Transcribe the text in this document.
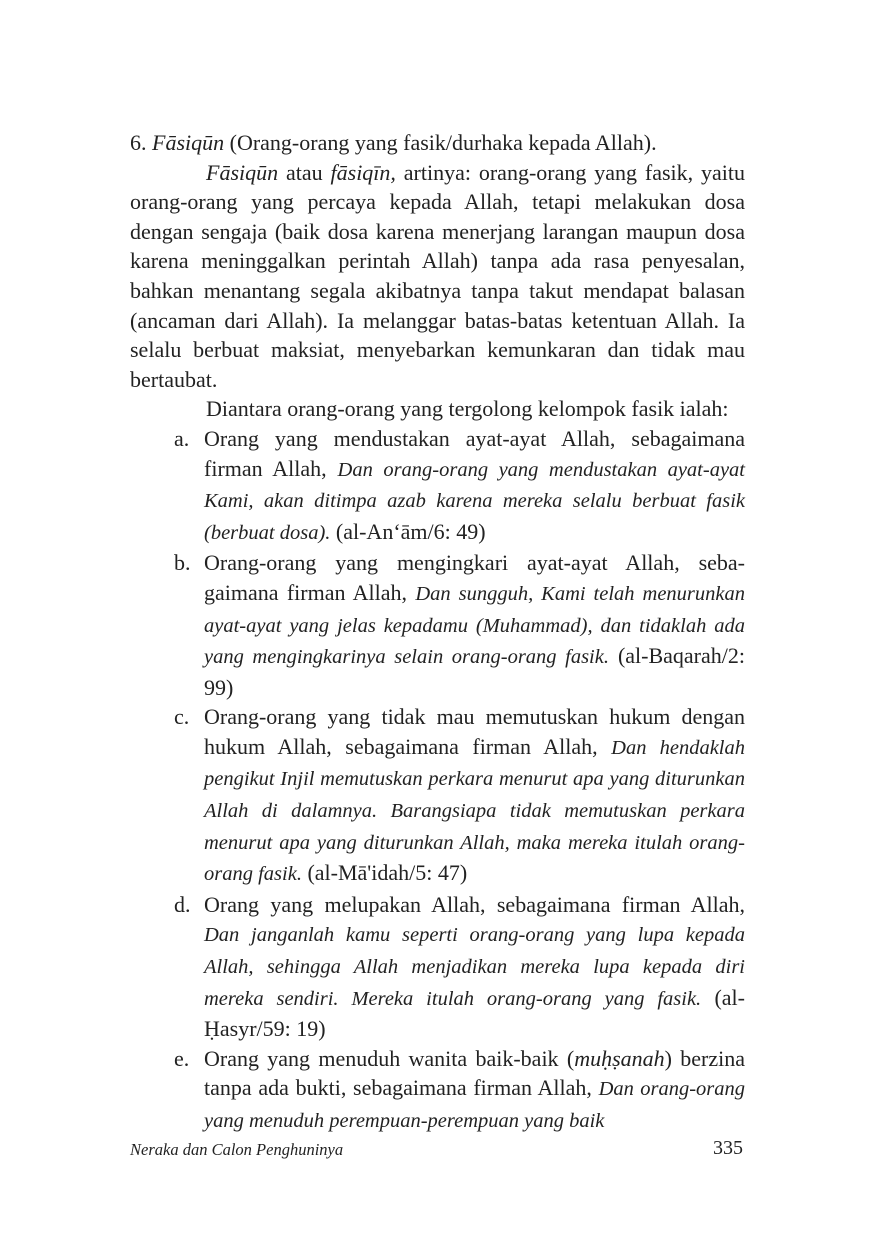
6. Fāsiqūn (Orang-orang yang fasik/durhaka kepada Allah).

Fāsiqūn atau fāsiqīn, artinya: orang-orang yang fasik, yaitu orang-orang yang percaya kepada Allah, tetapi melakukan dosa dengan sengaja (baik dosa karena menerjang larangan maupun dosa karena meninggalkan perintah Allah) tanpa ada rasa penyesalan, bahkan menantang segala akibatnya tanpa takut mendapat balasan (ancaman dari Allah). Ia melanggar batas-batas ketentuan Allah. Ia selalu berbuat maksiat, menyebarkan kemunkaran dan tidak mau bertaubat.

Diantara orang-orang yang tergolong kelompok fasik ialah:

a. Orang yang mendustakan ayat-ayat Allah, sebagaimana firman Allah, Dan orang-orang yang mendustakan ayat-ayat Kami, akan ditimpa azab karena mereka selalu berbuat fasik (berbuat dosa). (al-An‘ām/6: 49)
b. Orang-orang yang mengingkari ayat-ayat Allah, sebagaimana firman Allah, Dan sungguh, Kami telah menurunkan ayat-ayat yang jelas kepadamu (Muhammad), dan tidaklah ada yang mengingkarinya selain orang-orang fasik. (al-Baqarah/2: 99)
c. Orang-orang yang tidak mau memutuskan hukum dengan hukum Allah, sebagaimana firman Allah, Dan hendaklah pengikut Injil memutuskan perkara menurut apa yang diturunkan Allah di dalamnya. Barangsiapa tidak memutuskan perkara menurut apa yang diturunkan Allah, maka mereka itulah orang-orang fasik. (al-Mā'idah/5: 47)
d. Orang yang melupakan Allah, sebagaimana firman Allah, Dan janganlah kamu seperti orang-orang yang lupa kepada Allah, sehingga Allah menjadikan mereka lupa kepada diri mereka sendiri. Mereka itulah orang-orang yang fasik. (al-Ḥasyr/59: 19)
e. Orang yang menuduh wanita baik-baik (muḥṣanah) berzina tanpa ada bukti, sebagaimana firman Allah, Dan orang-orang yang menuduh perempuan-perempuan yang baik
Neraka dan Calon Penghuninya	335
